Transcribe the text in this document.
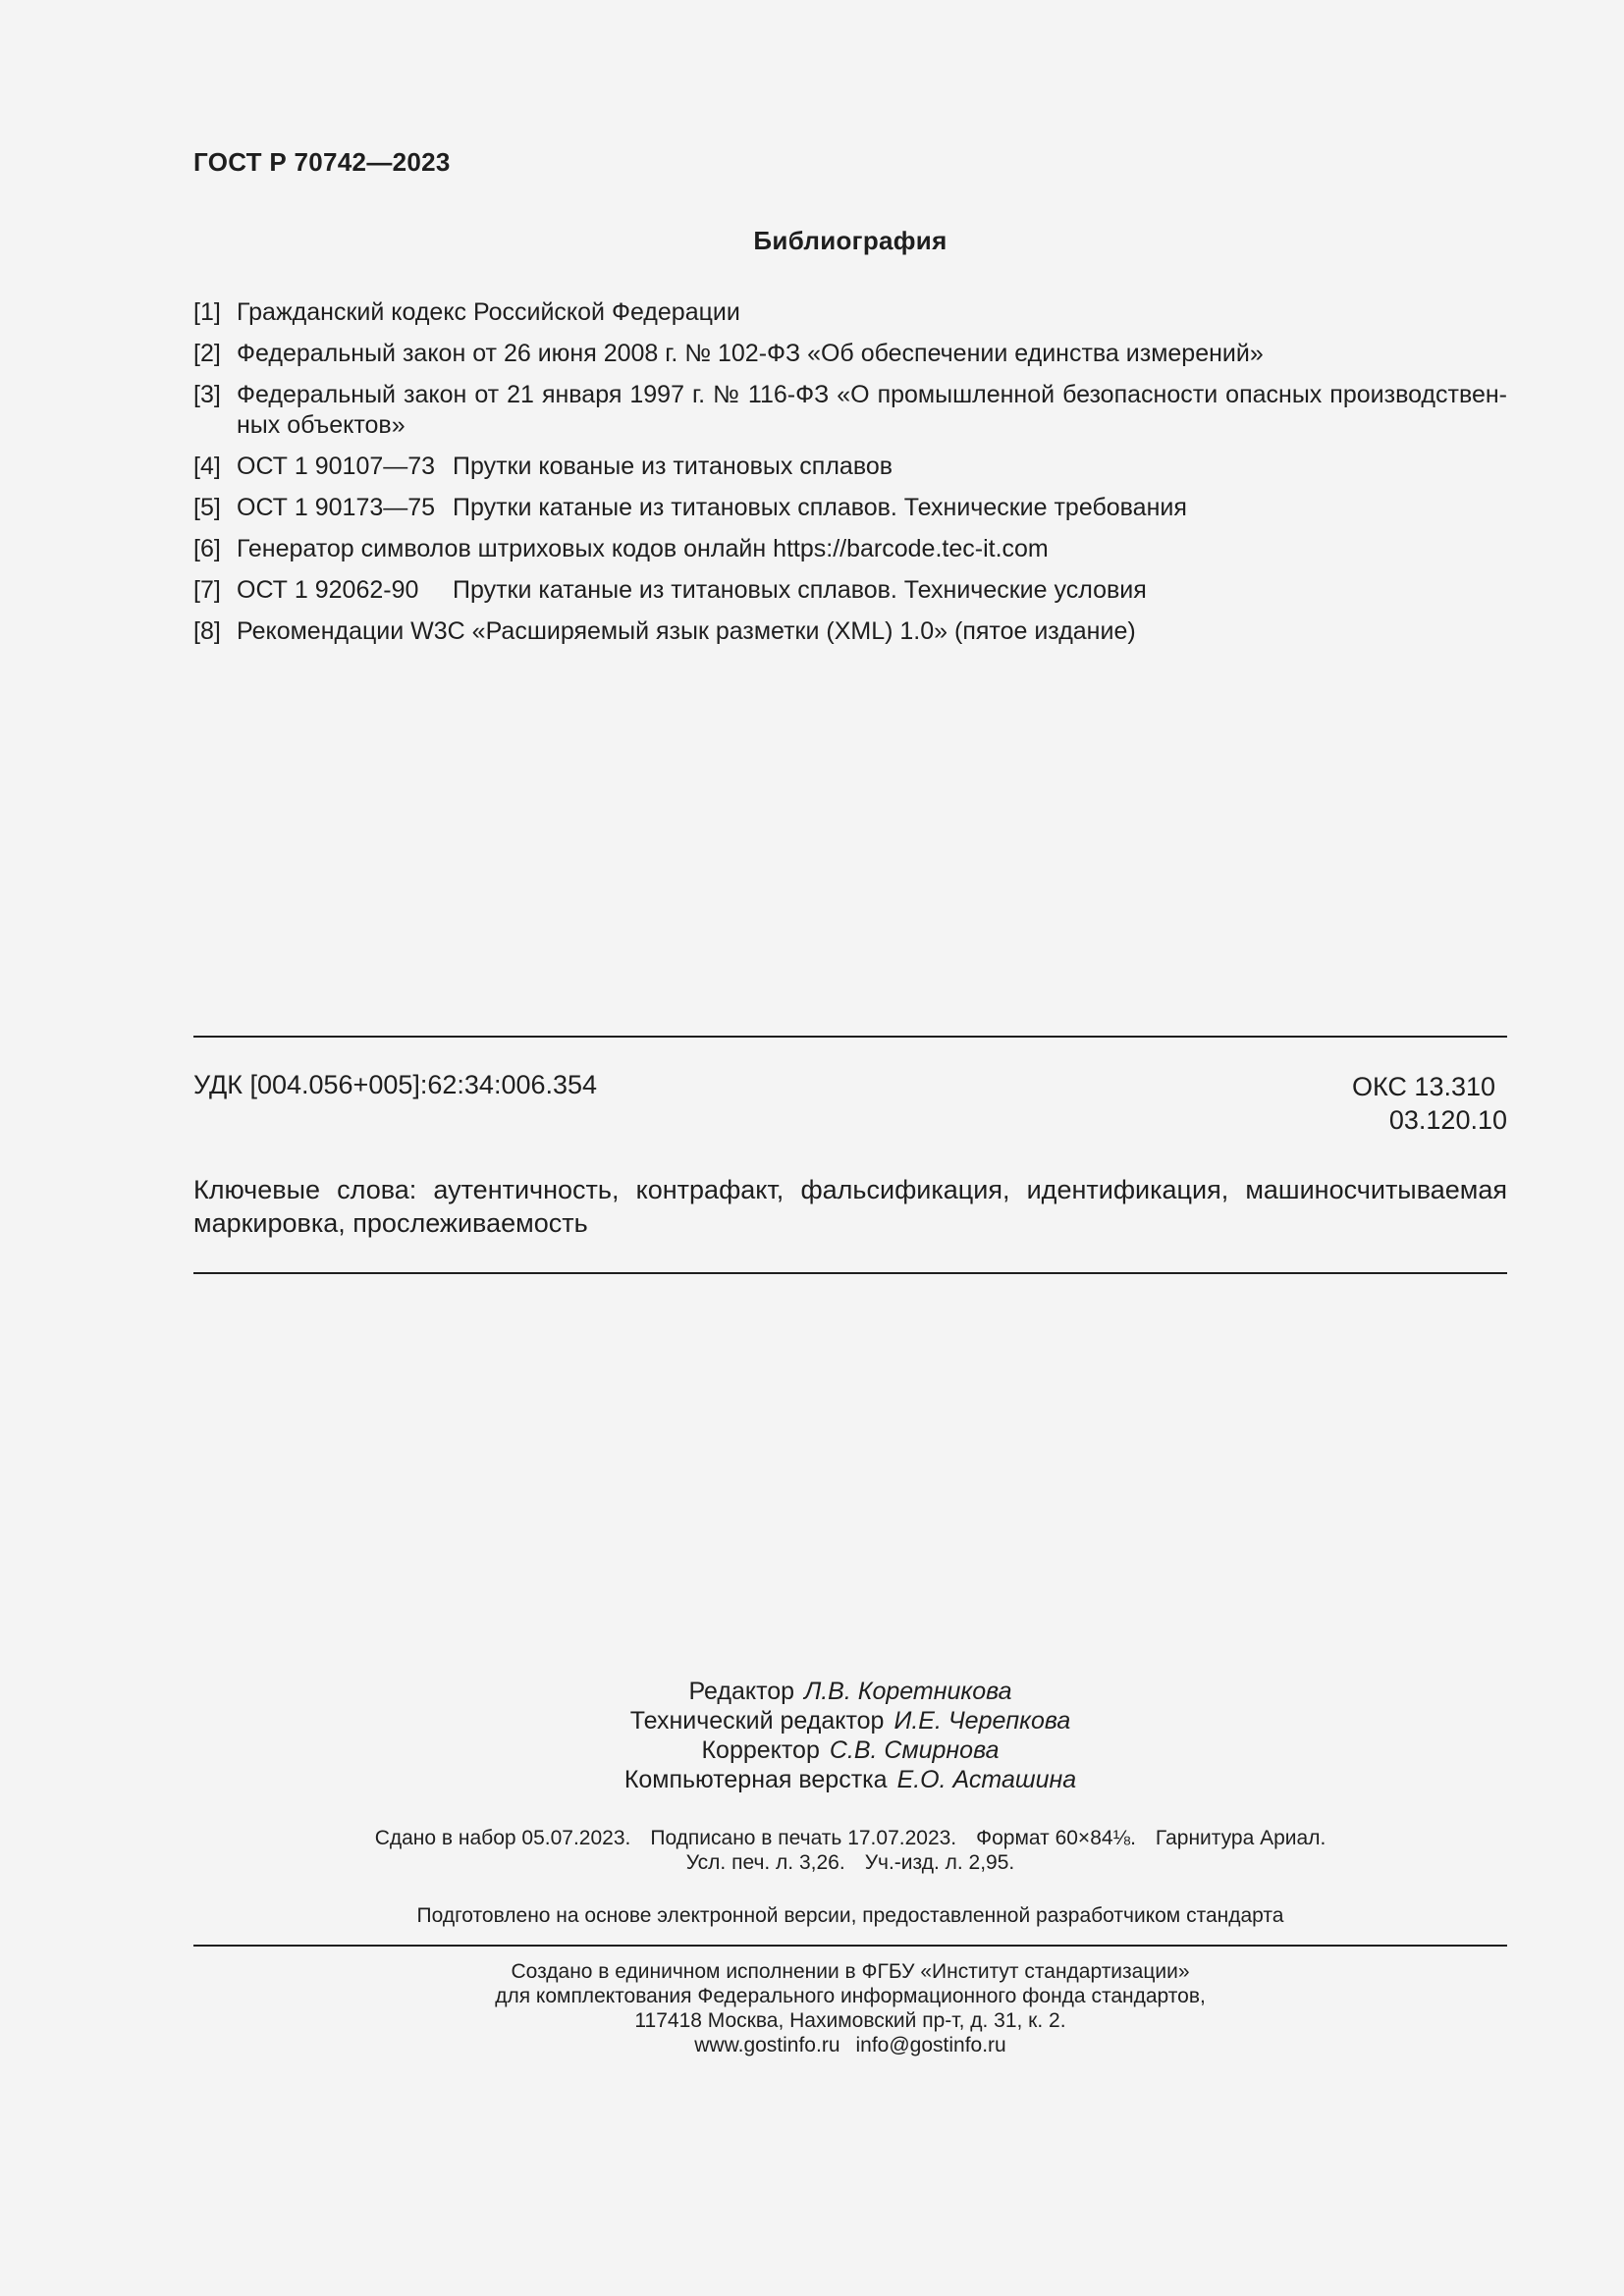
ГОСТ Р 70742—2023
Библиография
[1] Гражданский кодекс Российской Федерации
[2] Федеральный закон от 26 июня 2008 г. № 102-ФЗ «Об обеспечении единства измерений»
[3] Федеральный закон от 21 января 1997 г. № 116-ФЗ «О промышленной безопасности опасных производственных объектов»
[4] ОСТ 1 90107—73 Прутки кованые из титановых сплавов
[5] ОСТ 1 90173—75 Прутки катаные из титановых сплавов. Технические требования
[6] Генератор символов штриховых кодов онлайн https://barcode.tec-it.com
[7] ОСТ 1 92062-90 Прутки катаные из титановых сплавов. Технические условия
[8] Рекомендации W3C «Расширяемый язык разметки (XML) 1.0» (пятое издание)
УДК [004.056+005]:62:34:006.354	ОКС 13.310
03.120.10
Ключевые слова: аутентичность, контрафакт, фальсификация, идентификация, машиносчитываемая маркировка, прослеживаемость
Редактор Л.В. Коретникова
Технический редактор И.Е. Черепкова
Корректор С.В. Смирнова
Компьютерная верстка Е.О. Асташина
Сдано в набор 05.07.2023. Подписано в печать 17.07.2023. Формат 60×84⅛. Гарнитура Ариал.
Усл. печ. л. 3,26. Уч.-изд. л. 2,95.
Подготовлено на основе электронной версии, предоставленной разработчиком стандарта
Создано в единичном исполнении в ФГБУ «Институт стандартизации»
для комплектования Федерального информационного фонда стандартов,
117418 Москва, Нахимовский пр-т, д. 31, к. 2.
www.gostinfo.ru info@gostinfo.ru
